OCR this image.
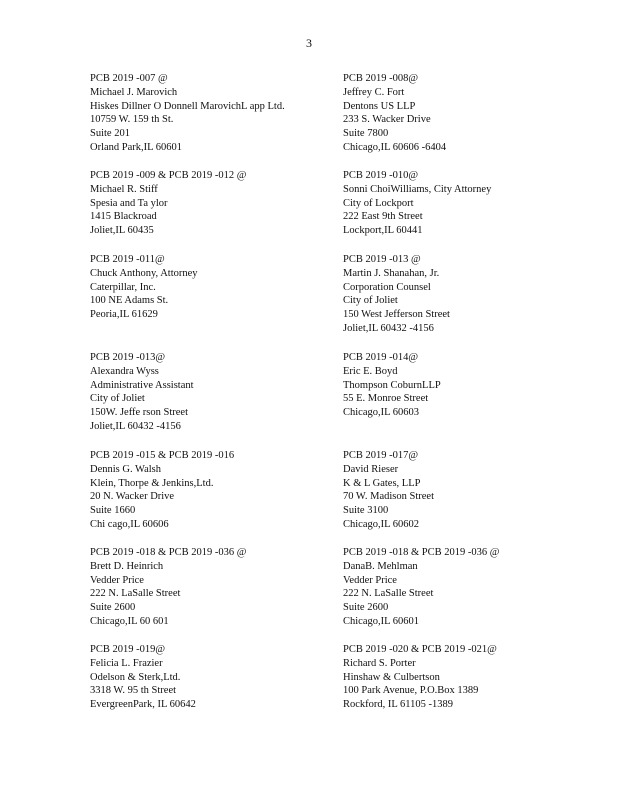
3
PCB 2019 -007 @
Michael J. Marovich
Hiskes Dillner O Donnell MarovichL app Ltd.
10759 W. 159 th St.
Suite 201
Orland Park,IL 60601
PCB 2019 -008@
Jeffrey C. Fort
Dentons US LLP
233 S. Wacker Drive
Suite 7800
Chicago,IL 60606 -6404
PCB 2019 -009 & PCB 2019 -012 @
Michael R. Stiff
Spesia and Ta ylor
1415 Blackroad
Joliet,IL 60435
PCB 2019 -010@
Sonni ChoiWilliams, City Attorney
City of Lockport
222 East 9th Street
Lockport,IL 60441
PCB 2019 -011@
Chuck Anthony, Attorney
Caterpillar, Inc.
100 NE Adams St.
Peoria,IL 61629
PCB 2019 -013 @
Martin J. Shanahan, Jr.
Corporation Counsel
City of Joliet
150 West Jefferson Street
Joliet,IL 60432 -4156
PCB 2019 -013@
Alexandra Wyss
Administrative Assistant
City of Joliet
150W. Jeffe rson Street
Joliet,IL 60432 -4156
PCB 2019 -014@
Eric E. Boyd
Thompson CoburnLLP
55 E. Monroe Street
Chicago,IL 60603
PCB 2019 -015 & PCB 2019 -016
Dennis G. Walsh
Klein, Thorpe & Jenkins,Ltd.
20 N. Wacker Drive
Suite 1660
Chi cago,IL 60606
PCB 2019 -017@
David Rieser
K & L Gates, LLP
70 W. Madison Street
Suite 3100
Chicago,IL 60602
PCB 2019 -018 & PCB 2019 -036 @
Brett D. Heinrich
Vedder Price
222 N. LaSalle Street
Suite 2600
Chicago,IL 60 601
PCB 2019 -018 & PCB 2019 -036 @
DanaB. Mehlman
Vedder Price
222 N. LaSalle Street
Suite 2600
Chicago,IL 60601
PCB 2019 -019@
Felicia L. Frazier
Odelson & Sterk,Ltd.
3318 W. 95 th Street
EvergreenPark, IL 60642
PCB 2019 -020 & PCB 2019 -021@
Richard S. Porter
Hinshaw & Culbertson
100 Park Avenue, P.O.Box 1389
Rockford, IL 61105 -1389
